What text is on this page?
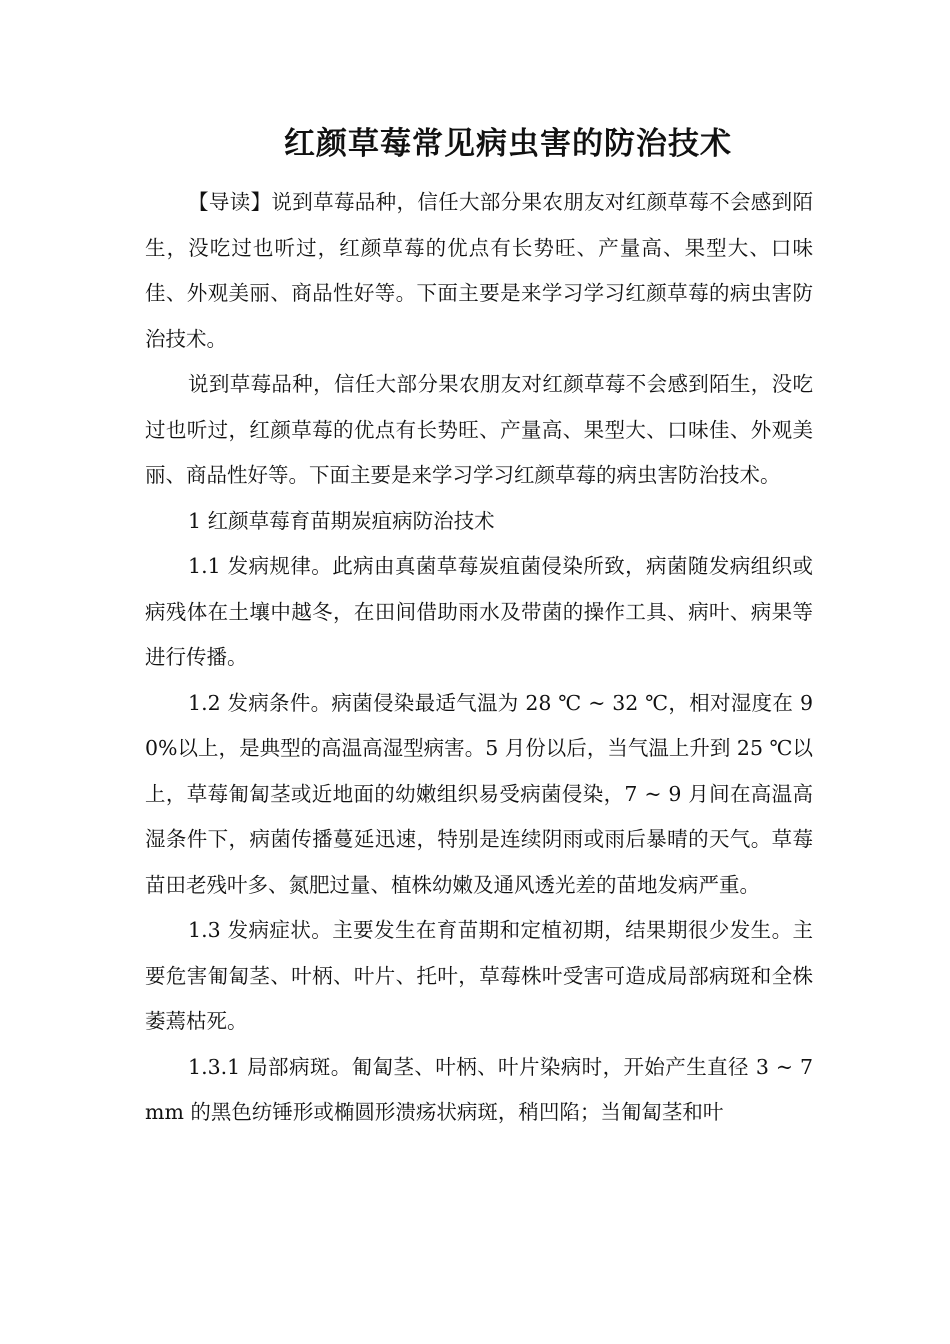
红颜草莓常见病虫害的防治技术

【导读】说到草莓品种，信任大部分果农朋友对红颜草莓不会感到陌生，没吃过也听过，红颜草莓的优点有长势旺、产量高、果型大、口味佳、外观美丽、商品性好等。下面主要是来学习学习红颜草莓的病虫害防治技术。

说到草莓品种，信任大部分果农朋友对红颜草莓不会感到陌生，没吃过也听过，红颜草莓的优点有长势旺、产量高、果型大、口味佳、外观美丽、商品性好等。下面主要是来学习学习红颜草莓的病虫害防治技术。

1 红颜草莓育苗期炭疽病防治技术

1.1 发病规律。此病由真菌草莓炭疽菌侵染所致，病菌随发病组织或病残体在土壤中越冬，在田间借助雨水及带菌的操作工具、病叶、病果等进行传播。

1.2 发病条件。病菌侵染最适气温为 28 ℃ ~ 32 ℃，相对湿度在 90%以上，是典型的高温高湿型病害。5 月份以后，当气温上升到 25 ℃以上，草莓匍匐茎或近地面的幼嫩组织易受病菌侵染，7 ~ 9 月间在高温高湿条件下，病菌传播蔓延迅速，特别是连续阴雨或雨后暴晴的天气。草莓苗田老残叶多、氮肥过量、植株幼嫩及通风透光差的苗地发病严重。

1.3 发病症状。主要发生在育苗期和定植初期，结果期很少发生。主要危害匍匐茎、叶柄、叶片、托叶，草莓株叶受害可造成局部病斑和全株萎蔫枯死。

1.3.1 局部病斑。匍匐茎、叶柄、叶片染病时，开始产生直径 3 ~ 7mm 的黑色纺锤形或椭圆形溃疡状病斑，稍凹陷；当匍匐茎和叶
